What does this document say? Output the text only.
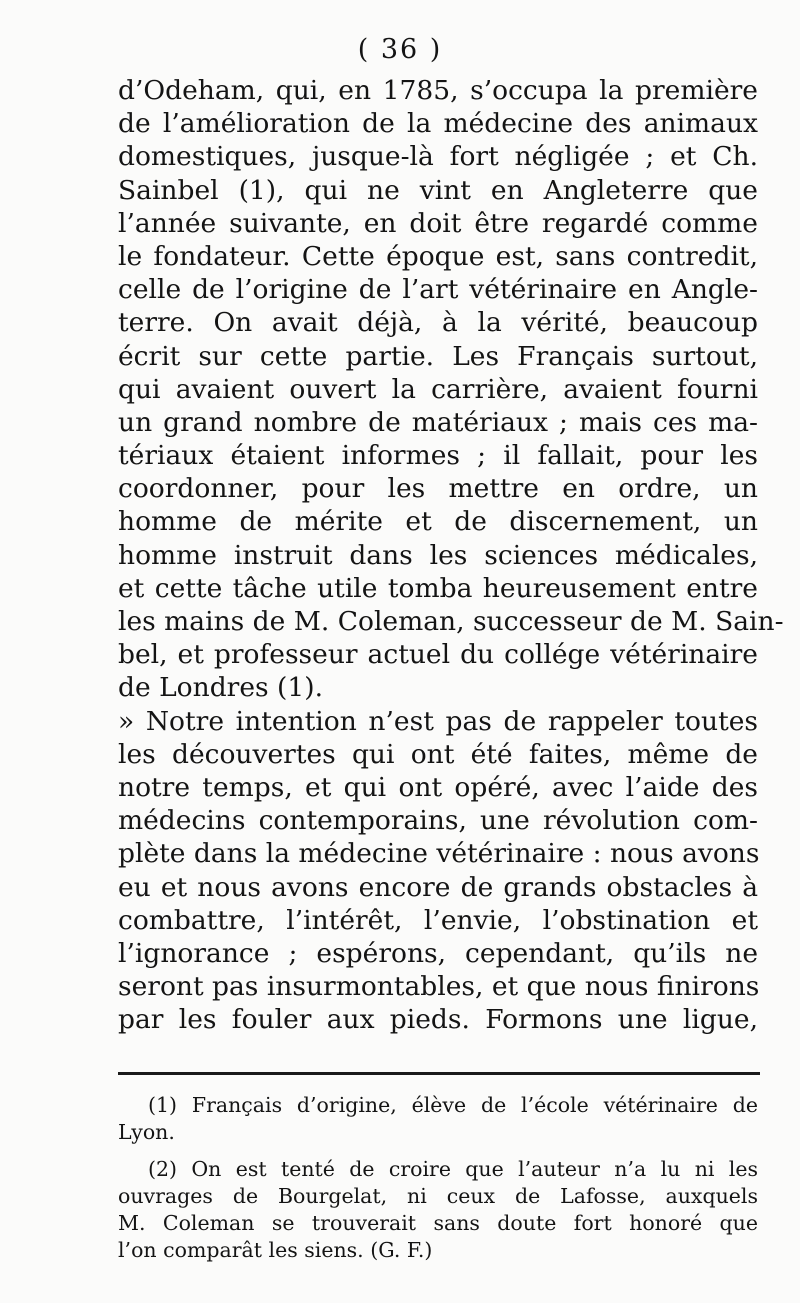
( 36 )
d’Odeham, qui, en 1785, s’occupa la première
de l’amélioration de la médecine des animaux
domestiques, jusque-là fort négligée ; et Ch.
Sainbel (1), qui ne vint en Angleterre que
l’année suivante, en doit être regardé comme
le fondateur. Cette époque est, sans contredit,
celle de l’origine de l’art vétérinaire en Angle-
terre. On avait déjà, à la vérité, beaucoup
écrit sur cette partie. Les Français surtout,
qui avaient ouvert la carrière, avaient fourni
un grand nombre de matériaux ; mais ces ma-
tériaux étaient informes ; il fallait, pour les
coordonner, pour les mettre en ordre, un
homme de mérite et de discernement, un
homme instruit dans les sciences médicales,
et cette tâche utile tomba heureusement entre
les mains de M. Coleman, successeur de M. Sain-
bel, et professeur actuel du collége vétérinaire
de Londres (1).
» Notre intention n’est pas de rappeler toutes
les découvertes qui ont été faites, même de
notre temps, et qui ont opéré, avec l’aide des
médecins contemporains, une révolution com-
plète dans la médecine vétérinaire : nous avons
eu et nous avons encore de grands obstacles à
combattre, l’intérêt, l’envie, l’obstination et
l’ignorance ; espérons, cependant, qu’ils ne
seront pas insurmontables, et que nous finirons
par les fouler aux pieds. Formons une ligue,
(1) Français d’origine, élève de l’école vétérinaire de
Lyon.
(2) On est tenté de croire que l’auteur n’a lu ni les
ouvrages de Bourgelat, ni ceux de Lafosse, auxquels
M. Coleman se trouverait sans doute fort honoré que
l’on comparât les siens. (G. F.)
